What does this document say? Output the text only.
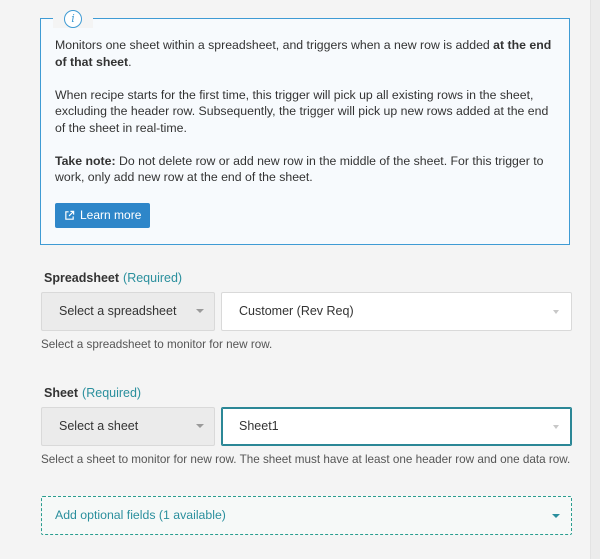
i

Monitors one sheet within a spreadsheet, and triggers when a new row is added at the end of that sheet.

When recipe starts for the first time, this trigger will pick up all existing rows in the sheet, excluding the header row. Subsequently, the trigger will pick up new rows added at the end of the sheet in real-time.

Take note: Do not delete row or add new row in the middle of the sheet. For this trigger to work, only add new row at the end of the sheet.

Learn more
Spreadsheet (Required)
Select a spreadsheet	Customer (Rev Req)
Select a spreadsheet to monitor for new row.
Sheet (Required)
Select a sheet	Sheet1
Select a sheet to monitor for new row. The sheet must have at least one header row and one data row.
Add optional fields (1 available)
